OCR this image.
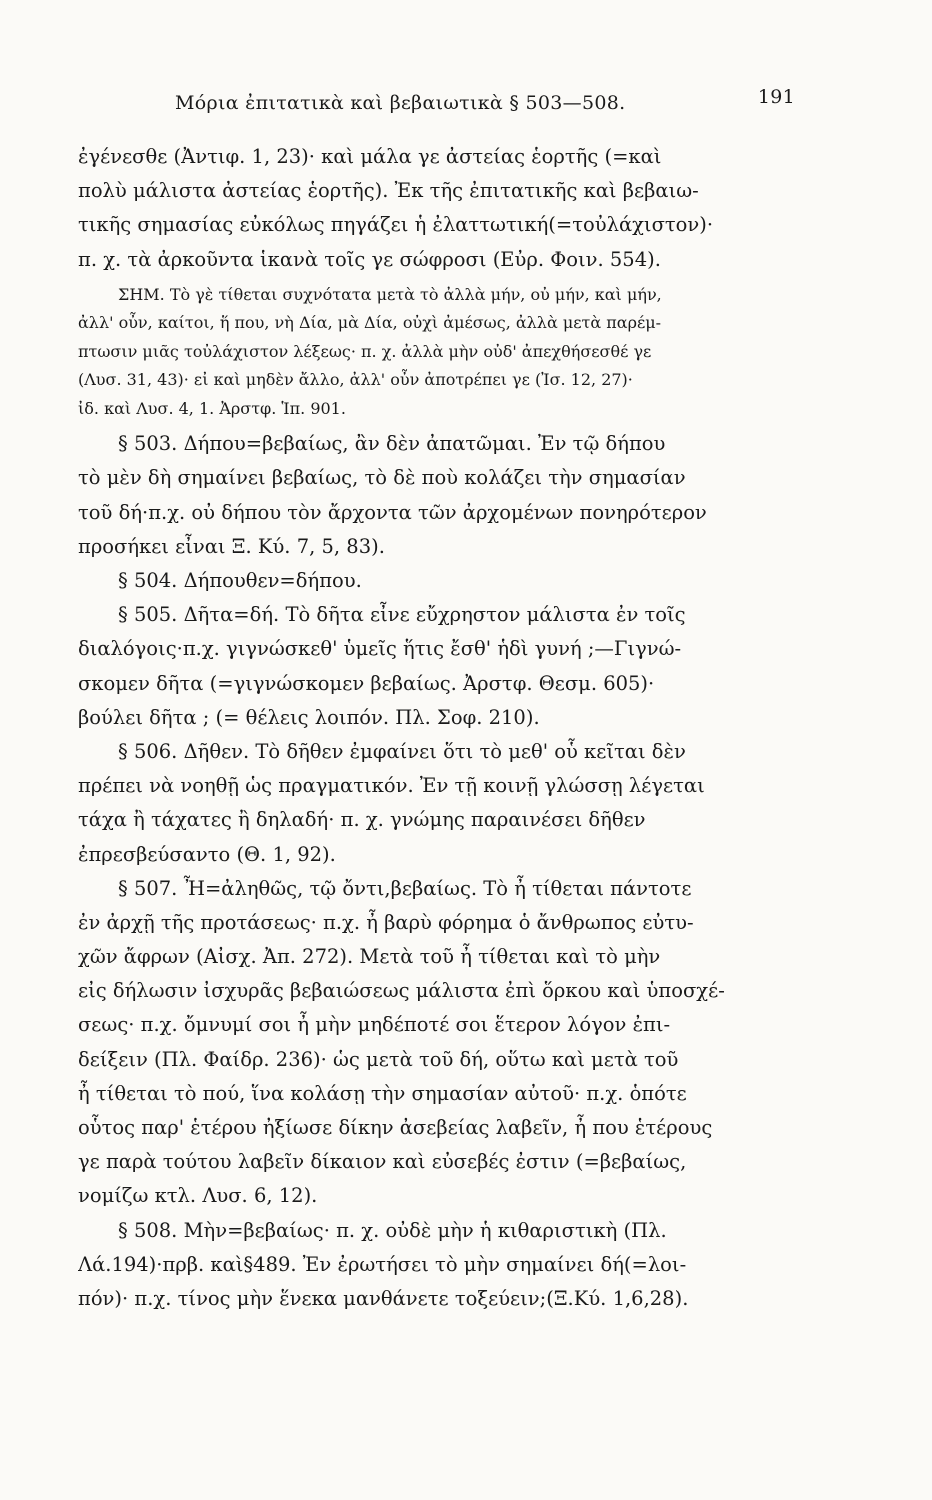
Μόρια ἐπιτατικὰ καὶ βεβαιωτικὰ § 503—508.	191
ἐγένεσθε (Ἀντιφ. 1, 23)· καὶ μάλα γε ἀστείας ἑορτῆς (=καὶ
πολὺ μάλιστα ἀστείας ἑορτῆς). Ἐκ τῆς ἐπιτατικῆς καὶ βεβαιω-
τικῆς σημασίας εὐκόλως πηγάζει ἡ ἐλαττωτική(=τοὐλάχιστον)·
π. χ. τὰ ἀρκοῦντα ἱκανὰ τοῖς γε σώφροσι (Εὐρ. Φοιν. 554).
ΣΗΜ. Τὸ γὲ τίθεται συχνότατα μετὰ τὸ ἀλλὰ μήν, οὐ μήν, καὶ μήν,
ἀλλ' οὖν, καίτοι, ἥ που, νὴ Δία, μὰ Δία, οὐχὶ ἀμέσως, ἀλλὰ μετὰ παρέμ-
πτωσιν μιᾶς τοὐλάχιστον λέξεως· π. χ. ἀλλὰ μὴν οὐδ' ἀπεχθήσεσθέ γε
(Λυσ. 31, 43)· εἰ καὶ μηδὲν ἄλλο, ἀλλ' οὖν ἀποτρέπει γε (Ἰσ. 12, 27)·
ἰδ. καὶ Λυσ. 4, 1. Ἀρστφ. Ἱπ. 901.
§ 503. Δήπου=βεβαίως, ἂν δὲν ἀπατῶμαι. Ἐν τῷ δήπου
τὸ μὲν δὴ σημαίνει βεβαίως, τὸ δὲ ποὺ κολάζει τὴν σημασίαν
τοῦ δή·π.χ. οὐ δήπου τὸν ἄρχοντα τῶν ἀρχομένων πονηρότερον
προσήκει εἶναι Ξ. Κύ. 7, 5, 83).
§ 504. Δήπουθεν=δήπου.
§ 505. Δῆτα=δή. Τὸ δῆτα εἶνε εὔχρηστον μάλιστα ἐν τοῖς
διαλόγοις·π.χ. γιγνώσκεθ' ὑμεῖς ἥτις ἔσθ' ἡδὶ γυνή ;—Γιγνώ-
σκομεν δῆτα (=γιγνώσκομεν βεβαίως. Ἀρστφ. Θεσμ. 605)·
βούλει δῆτα ; (= θέλεις λοιπόν. Πλ. Σοφ. 210).
§ 506. Δῆθεν. Τὸ δῆθεν ἐμφαίνει ὅτι τὸ μεθ' οὗ κεῖται δὲν
πρέπει νὰ νοηθῇ ὡς πραγματικόν. Ἐν τῇ κοινῇ γλώσσῃ λέγεται
τάχα ἢ τάχατες ἢ δηλαδή· π. χ. γνώμης παραινέσει δῆθεν
ἐπρεσβεύσαντο (Θ. 1, 92).
§ 507. Ἦ=ἀληθῶς, τῷ ὄντι,βεβαίως. Τὸ ἦ τίθεται πάντοτε
ἐν ἀρχῇ τῆς προτάσεως· π.χ. ἦ βαρὺ φόρημα ὁ ἄνθρωπος εὐτυ-
χῶν ἄφρων (Αἰσχ. Ἀπ. 272). Μετὰ τοῦ ἦ τίθεται καὶ τὸ μὴν
εἰς δήλωσιν ἰσχυρᾶς βεβαιώσεως μάλιστα ἐπὶ ὅρκου καὶ ὑποσχέ-
σεως· π.χ. ὄμνυμί σοι ἦ μὴν μηδέποτέ σοι ἕτερον λόγον ἐπι-
δείξειν (Πλ. Φαίδρ. 236)· ὡς μετὰ τοῦ δή, οὕτω καὶ μετὰ τοῦ
ἦ τίθεται τὸ πού, ἵνα κολάσῃ τὴν σημασίαν αὐτοῦ· π.χ. ὁπότε
οὗτος παρ' ἑτέρου ἠξίωσε δίκην ἀσεβείας λαβεῖν, ἦ που ἑτέρους
γε παρὰ τούτου λαβεῖν δίκαιον καὶ εὐσεβές ἐστιν (=βεβαίως,
νομίζω κτλ. Λυσ. 6, 12).
§ 508. Μὴν=βεβαίως· π. χ. οὐδὲ μὴν ἡ κιθαριστικὴ (Πλ.
Λά.194)·πρβ. καὶ§489. Ἐν ἐρωτήσει τὸ μὴν σημαίνει δή(=λοι-
πόν)· π.χ. τίνος μὴν ἕνεκα μανθάνετε τοξεύειν;(Ξ.Κύ. 1,6,28).
